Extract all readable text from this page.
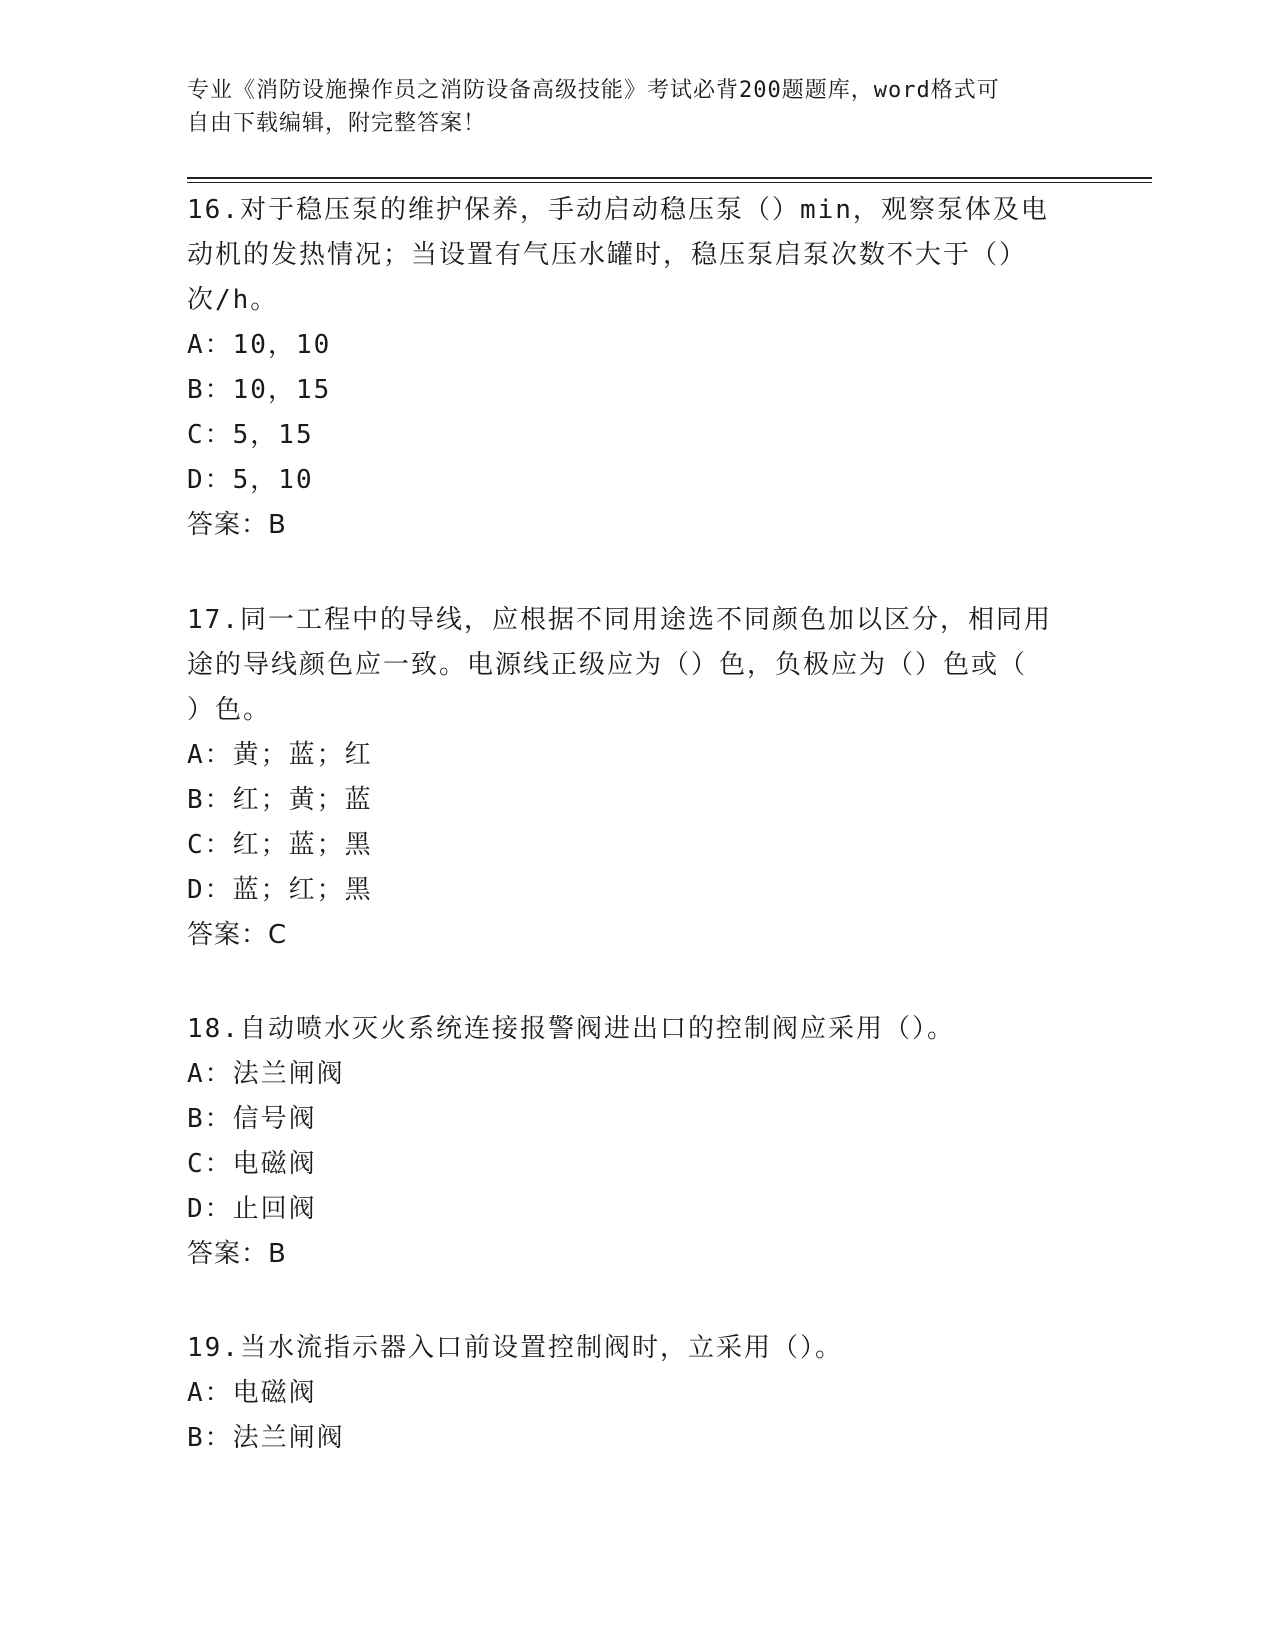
专业《消防设施操作员之消防设备高级技能》考试必背200题题库，word格式可
自由下载编辑，附完整答案！

16.对于稳压泵的维护保养，手动启动稳压泵（）min，观察泵体及电

动机的发热情况；当设置有气压水罐时，稳压泵启泵次数不大于（）

次/h。

A： 10，10
B： 10，15
C： 5，15
D： 5，10

答案：B

17.同一工程中的导线，应根据不同用途选不同颜色加以区分，相同用

途的导线颜色应一致。电源线正级应为（）色，负极应为（）色或（

）色。

A： 黄；蓝；红
B： 红；黄；蓝
C： 红；蓝；黑
D： 蓝；红；黑

答案：C

18.自动喷水灭火系统连接报警阀进出口的控制阀应采用（）。

A： 法兰闸阀
B： 信号阀
C： 电磁阀
D： 止回阀

答案：B

19.当水流指示器入口前设置控制阀时，立采用（）。

A： 电磁阀
B： 法兰闸阀
